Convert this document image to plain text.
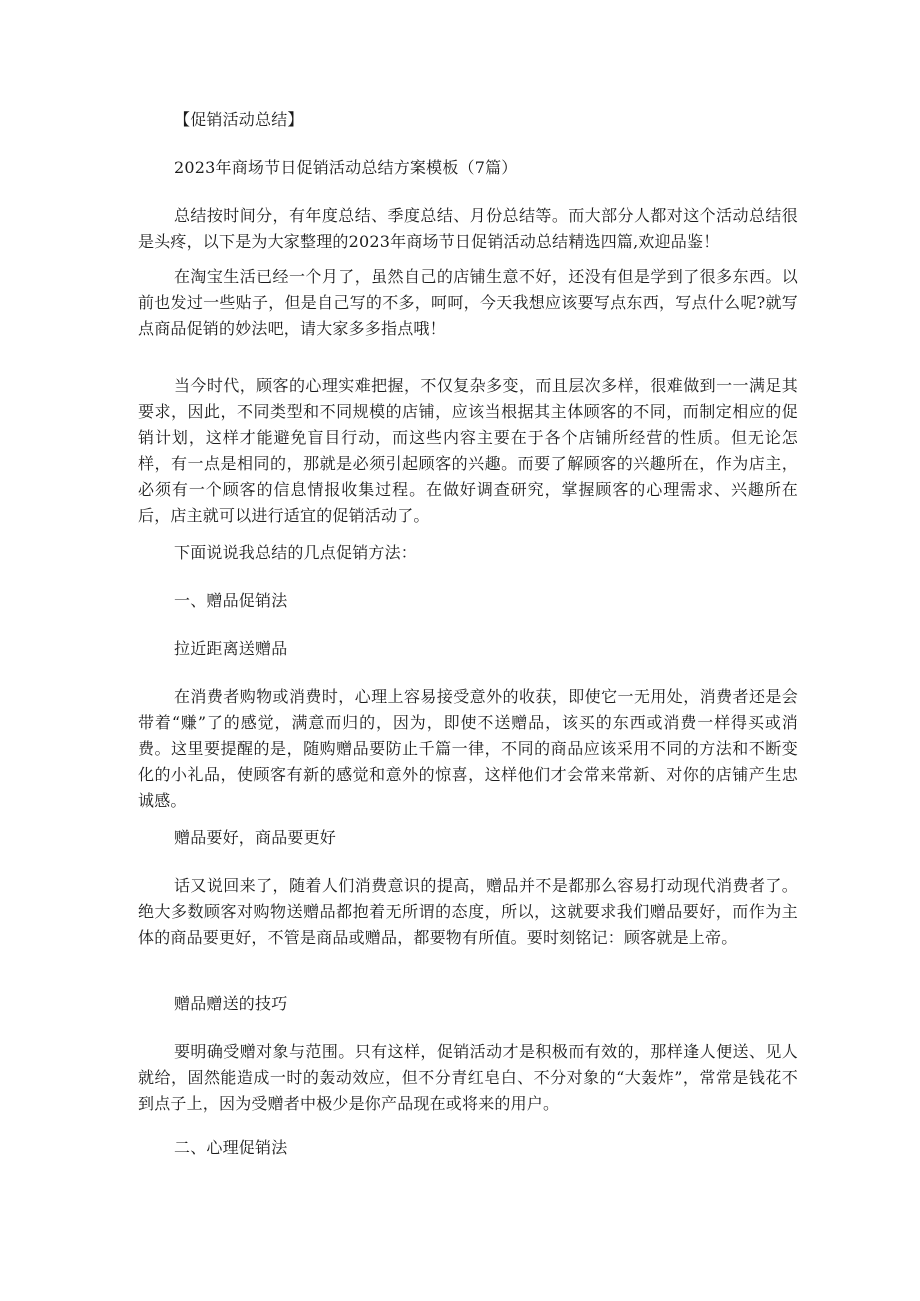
【促销活动总结】

2023年商场节日促销活动总结方案模板（7篇）

总结按时间分，有年度总结、季度总结、月份总结等。而大部分人都对这个活动总结很是头疼，以下是为大家整理的2023年商场节日促销活动总结精选四篇,欢迎品鉴！

在淘宝生活已经一个月了，虽然自己的店铺生意不好，还没有但是学到了很多东西。以前也发过一些贴子，但是自己写的不多，呵呵，今天我想应该要写点东西，写点什么呢?就写点商品促销的妙法吧，请大家多多指点哦！

当今时代，顾客的心理实难把握，不仅复杂多变，而且层次多样，很难做到一一满足其要求，因此，不同类型和不同规模的店铺，应该当根据其主体顾客的不同，而制定相应的促销计划，这样才能避免盲目行动，而这些内容主要在于各个店铺所经营的性质。但无论怎样，有一点是相同的，那就是必须引起顾客的兴趣。而要了解顾客的兴趣所在，作为店主，必须有一个顾客的信息情报收集过程。在做好调查研究，掌握顾客的心理需求、兴趣所在后，店主就可以进行适宜的促销活动了。

下面说说我总结的几点促销方法：

一、赠品促销法

拉近距离送赠品

在消费者购物或消费时，心理上容易接受意外的收获，即使它一无用处，消费者还是会带着“赚”了的感觉，满意而归的，因为，即使不送赠品，该买的东西或消费一样得买或消费。这里要提醒的是，随购赠品要防止千篇一律，不同的商品应该采用不同的方法和不断变化的小礼品，使顾客有新的感觉和意外的惊喜，这样他们才会常来常新、对你的店铺产生忠诚感。

赠品要好，商品要更好

话又说回来了，随着人们消费意识的提高，赠品并不是都那么容易打动现代消费者了。绝大多数顾客对购物送赠品都抱着无所谓的态度，所以，这就要求我们赠品要好，而作为主体的商品要更好，不管是商品或赠品，都要物有所值。要时刻铭记：顾客就是上帝。

赠品赠送的技巧

要明确受赠对象与范围。只有这样，促销活动才是积极而有效的，那样逢人便送、见人就给，固然能造成一时的轰动效应，但不分青红皂白、不分对象的“大轰炸”，常常是钱花不到点子上，因为受赠者中极少是你产品现在或将来的用户。

二、心理促销法
